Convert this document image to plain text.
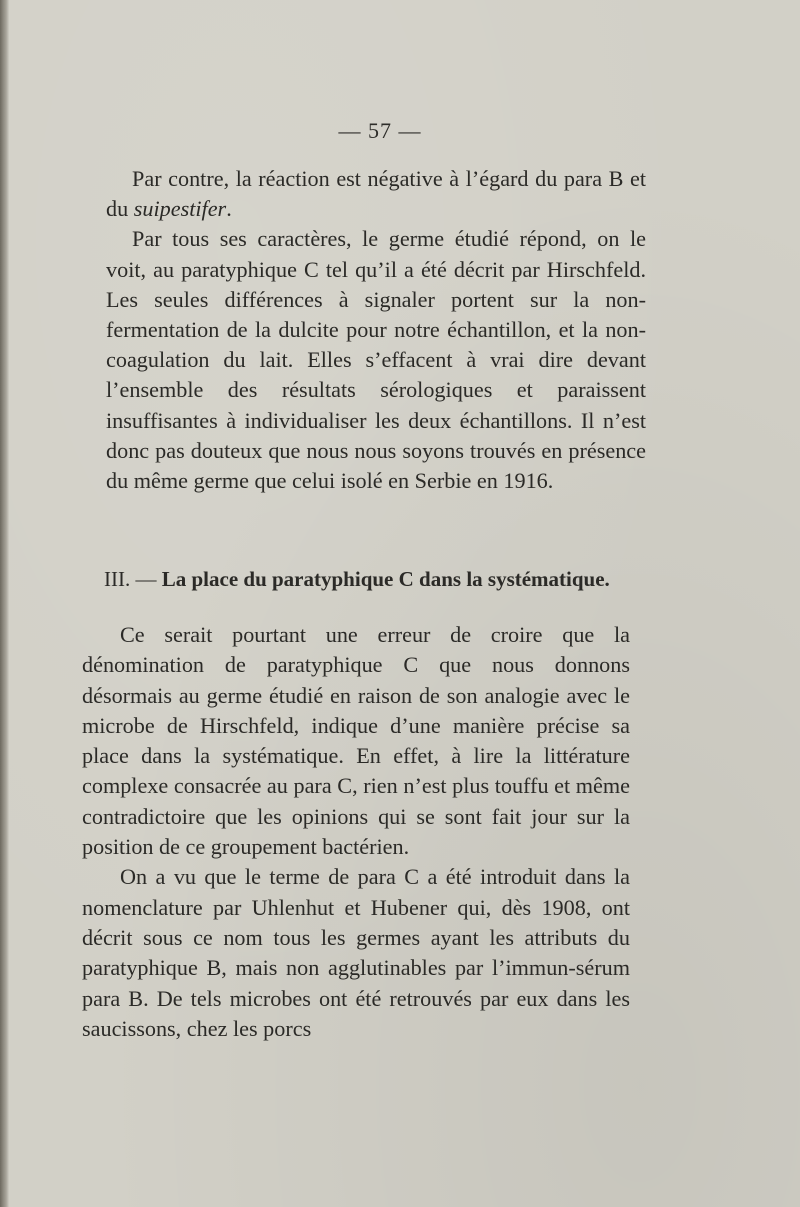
— 57 —

Par contre, la réaction est négative à l’égard du para B et du suipestifer.

Par tous ses caractères, le germe étudié répond, on le voit, au paratyphique C tel qu’il a été décrit par Hirschfeld. Les seules différences à signaler portent sur la non-fermentation de la dulcite pour notre échantillon, et la non-coagulation du lait. Elles s’effacent à vrai dire devant l’ensemble des résultats sérologiques et paraissent insuffisantes à individualiser les deux échantillons. Il n’est donc pas douteux que nous nous soyons trouvés en présence du même germe que celui isolé en Serbie en 1916.

III. — La place du paratyphique C dans la systématique.

Ce serait pourtant une erreur de croire que la dénomination de paratyphique C que nous donnons désormais au germe étudié en raison de son analogie avec le microbe de Hirschfeld, indique d’une manière précise sa place dans la systématique. En effet, à lire la littérature complexe consacrée au para C, rien n’est plus touffu et même contradictoire que les opinions qui se sont fait jour sur la position de ce groupement bactérien.

On a vu que le terme de para C a été introduit dans la nomenclature par Uhlenhut et Hubener qui, dès 1908, ont décrit sous ce nom tous les germes ayant les attributs du paratyphique B, mais non agglutinables par l’immun-sérum para B. De tels microbes ont été retrouvés par eux dans les saucissons, chez les porcs
